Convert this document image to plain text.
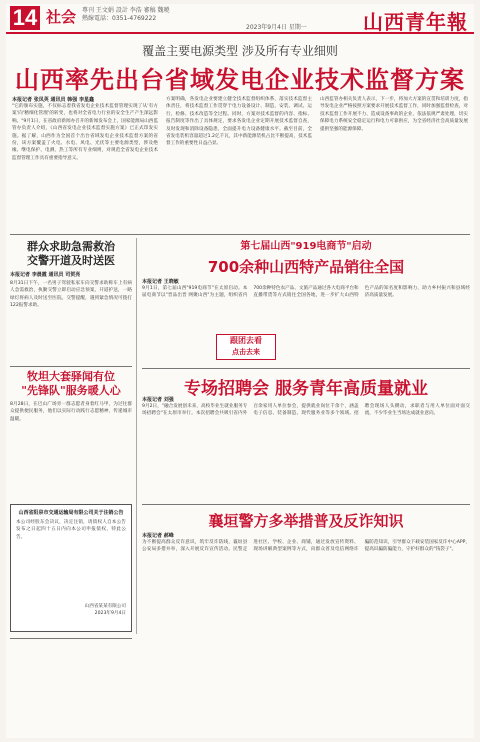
14 社会 專刊 王文娟 設計 李浩 審稿 魏曉
熱線電話：0351-4769222
2023年9月4日 星期一	山西青年報
覆盖主要电源类型 涉及所有专业细则
山西率先出台省域发电企业技术监督方案
本报记者 张凤英 通讯员 韩强 李星鑫
"它的颁布实施，不仅标志着我省发电企业技术监督管理实现了从'有方案'向'精细化管理'的转变，也将对全省电力行业的安全生产产生深远影响。"9月1日，在省政府新闻办召开的新闻发布会上，国家能源局山西监管办负责人介绍，《山西省发电企业技术监督实施方案》已正式印发实施。据了解，山西作为全国首个出台省域发电企业技术监督方案的省份，该方案覆盖了火电、水电、风电、光伏等主要电源类型，涉及绝缘、继电保护、电测、热工等所有专业细则，对规范全省发电企业技术监督管理工作具有重要指导意义。
方案明确，各发电企业要建立健全技术监督组织体系，落实技术监督主体责任，将技术监督工作贯穿于电力设备设计、制造、安装、调试、运行、检修、技术改造等全过程。同时，方案对技术监督的内容、指标、报告制度等作出了具体规定，要求各发电企业定期开展技术监督自查，及时发现和消除设备隐患，全面提升电力设备健康水平。截至目前，全省发电装机容量超过1.2亿千瓦，其中新能源装机占比不断提高，技术监督工作的重要性日益凸显。
山西监管办相关负责人表示，下一步，将加大方案的宣贯和培训力度，指导发电企业严格按照方案要求开展技术监督工作，同时加强监督检查，对技术监督工作开展不力、造成设备事故的企业，依法依规严肃处理，切实保障电力系统安全稳定运行和电力可靠供应，为全省经济社会高质量发展提供坚强的能源保障。
群众求助急需救治
交警开道及时送医
本报记者 李晨霞 通讯员 司贺亮
8月31日下午，一名男子驾驶私家车向交警求助称车上有病人急需救治，执勤交警立即启动应急预案，开道护送，一路绿灯将病人及时送至医院。交警提醒，遇到紧急情况可拨打122报警求助。
牧坦大套驿闻有位
"先锋队"服务暖人心
8月28日，在巴山广场旁一群志愿者身着红马甲，为过往群众提供便民服务，他们以实际行动践行志愿精神，传递城市温暖。
山西省阳泉市交通运输局有限公司关于注销公告
本公司经股东会决议，决定注销，请债权人自本公告发布之日起四十五日内向本公司申报债权，特此公告。
山西省某某有限公司
2023年9月4日
第七届山西"919电商节"启动
700余种山西特产品销往全国
本报记者 王晓敏
9月1日，第七届山西"919电商节"在太原启动。本届电商节以"晋品出晋 网聚山西"为主题，组织省内700余种特色农产品、文旅产品通过各大电商平台和直播带货等方式销往全国各地，进一步扩大山西特色产品的知名度和影响力，助力乡村振兴和县域经济高质量发展。
跟团去看
点击去来
专场招聘会 服务青年高质量就业
本报记者 刘强
9月2日，"融合发展创未来，高校毕业生就业服务专场招聘会"在太原市举行。本次招聘会共吸引省内外百余家用人单位参会，提供就业岗位千余个，涵盖电子信息、装备制造、现代服务业等多个领域。招聘会现场人头攒动，求职者与用人单位面对面交流，不少毕业生当场达成就业意向。
襄垣警方多举措普及反诈知识
本报记者 郝峰
为不断提高群众反诈意识，筑牢反诈防线，襄垣县公安局多措并举，深入开展反诈宣传活动。民警走进社区、学校、企业、商铺，通过发放宣传资料、现场讲解典型案例等方式，向群众普及电信网络诈骗防范知识，引导群众下载安装国家反诈中心APP，提高识骗防骗能力，守护好群众的"钱袋子"。
